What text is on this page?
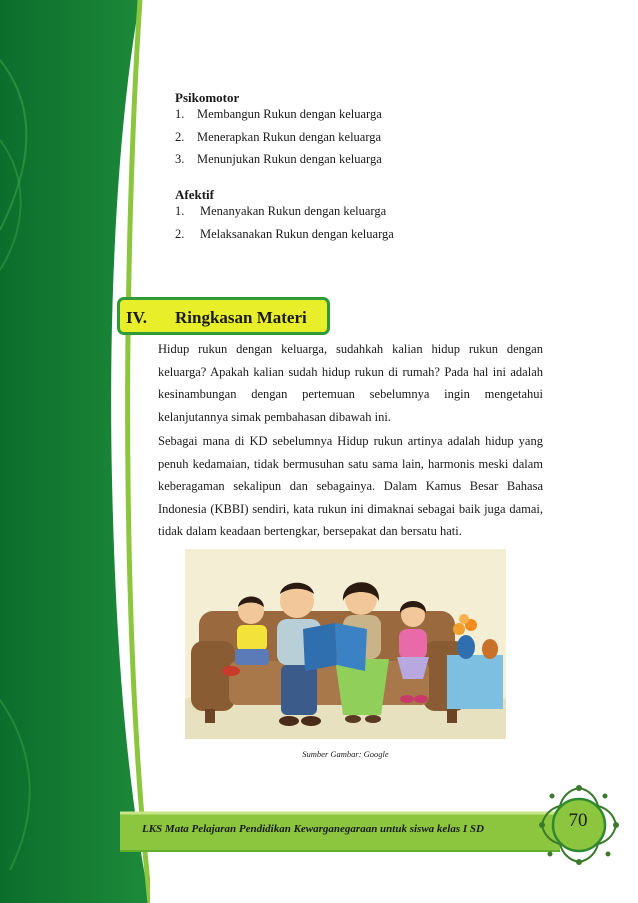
Psikomotor
1. Membangun Rukun dengan keluarga
2. Menerapkan Rukun dengan keluarga
3. Menunjukan Rukun dengan keluarga
Afektif
1. Menanyakan Rukun dengan keluarga
2. Melaksanakan Rukun dengan keluarga
IV. Ringkasan Materi

Hidup rukun dengan keluarga, sudahkah kalian hidup rukun dengan keluarga? Apakah kalian sudah hidup rukun di rumah? Pada hal ini adalah kesinambungan dengan pertemuan sebelumnya ingin mengetahui kelanjutannya simak pembahasan dibawah ini.

Sebagai mana di KD sebelumnya Hidup rukun artinya adalah hidup yang penuh kedamaian, tidak bermusuhan satu sama lain, harmonis meski dalam keberagaman sekalipun dan sebagainya. Dalam Kamus Besar Bahasa Indonesia (KBBI) sendiri, kata rukun ini dimaknai sebagai baik juga damai, tidak dalam keadaan bertengkar, bersepakat dan bersatu hati.

Sumber Gambar: Google
LKS Mata Pelajaran Pendidikan Kewarganegaraan untuk siswa kelas I SD	70
